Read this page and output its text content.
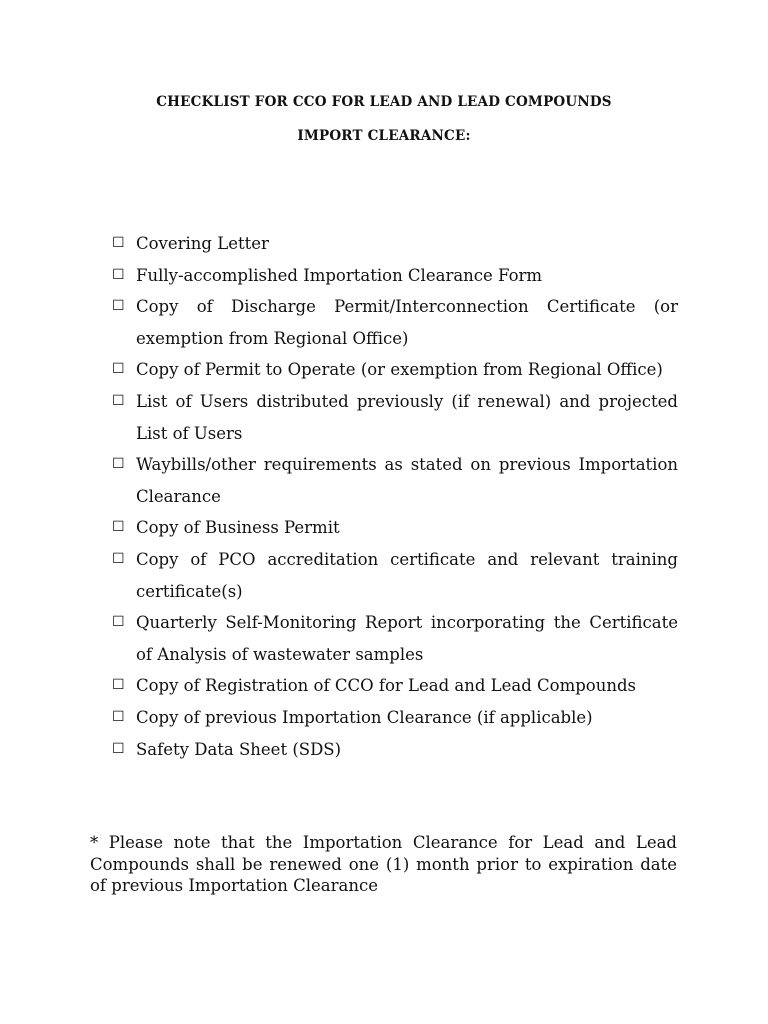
CHECKLIST FOR CCO FOR LEAD AND LEAD COMPOUNDS
IMPORT CLEARANCE:
☐ Covering Letter
☐ Fully-accomplished Importation Clearance Form
☐ Copy of Discharge Permit/Interconnection Certificate (or exemption from Regional Office)
☐ Copy of Permit to Operate (or exemption from Regional Office)
☐ List of Users distributed previously (if renewal) and projected List of Users
☐ Waybills/other requirements as stated on previous Importation Clearance
☐ Copy of Business Permit
☐ Copy of PCO accreditation certificate and relevant training certificate(s)
☐ Quarterly Self-Monitoring Report incorporating the Certificate of Analysis of wastewater samples
☐ Copy of Registration of CCO for Lead and Lead Compounds
☐ Copy of previous Importation Clearance (if applicable)
☐ Safety Data Sheet (SDS)
* Please note that the Importation Clearance for Lead and Lead Compounds shall be renewed one (1) month prior to expiration date of previous Importation Clearance
